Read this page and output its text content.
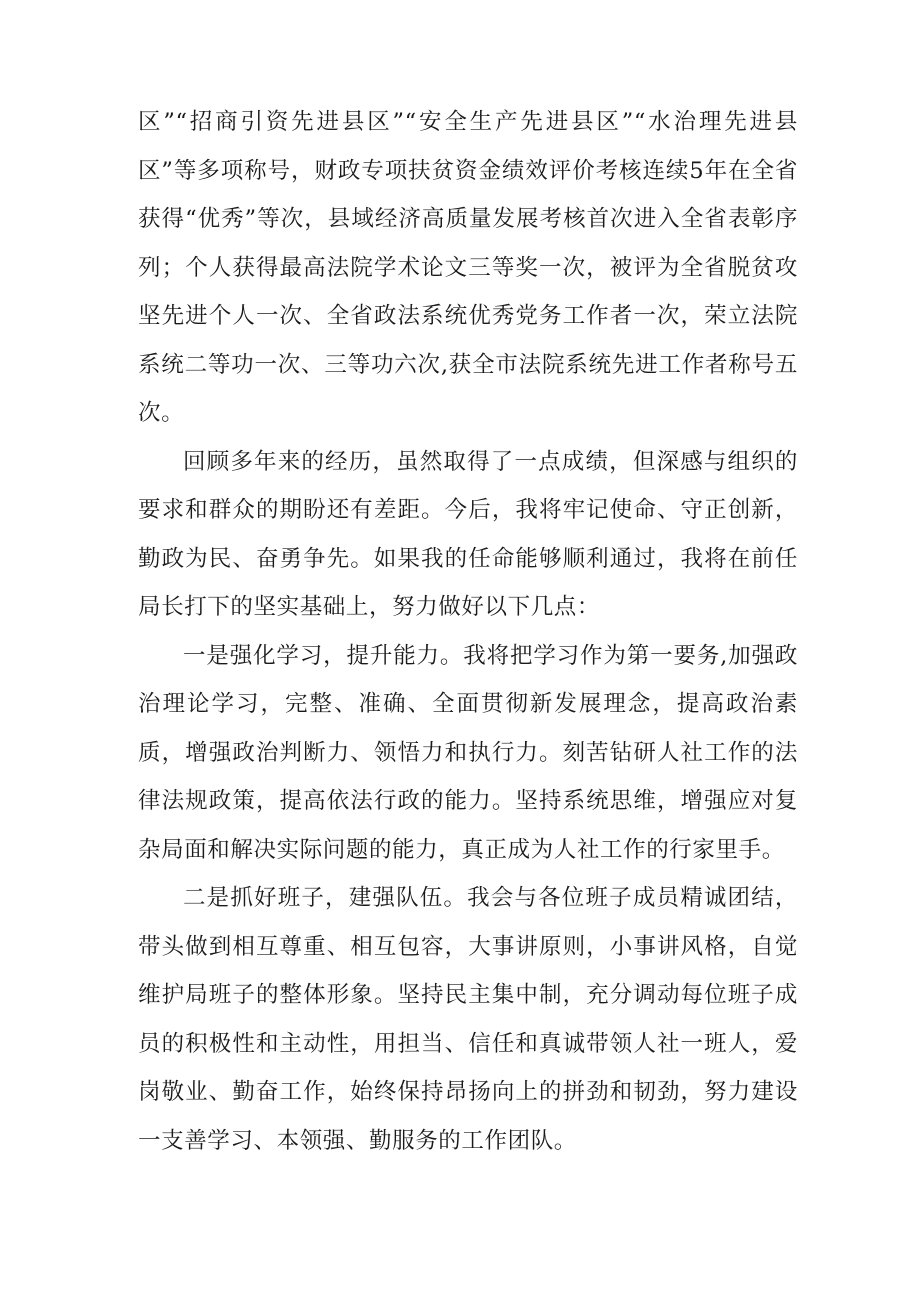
区”“招商引资先进县区”“安全生产先进县区”“水治理先进县区”等多项称号，财政专项扶贫资金绩效评价考核连续5年在全省获得“优秀”等次，县域经济高质量发展考核首次进入全省表彰序列；个人获得最高法院学术论文三等奖一次，被评为全省脱贫攻坚先进个人一次、全省政法系统优秀党务工作者一次，荣立法院系统二等功一次、三等功六次,获全市法院系统先进工作者称号五次。

回顾多年来的经历，虽然取得了一点成绩，但深感与组织的要求和群众的期盼还有差距。今后，我将牢记使命、守正创新，勤政为民、奋勇争先。如果我的任命能够顺利通过，我将在前任局长打下的坚实基础上，努力做好以下几点：

一是强化学习，提升能力。我将把学习作为第一要务,加强政治理论学习，完整、准确、全面贯彻新发展理念，提高政治素质，增强政治判断力、领悟力和执行力。刻苦钻研人社工作的法律法规政策，提高依法行政的能力。坚持系统思维，增强应对复杂局面和解决实际问题的能力，真正成为人社工作的行家里手。

二是抓好班子，建强队伍。我会与各位班子成员精诚团结，带头做到相互尊重、相互包容，大事讲原则，小事讲风格，自觉维护局班子的整体形象。坚持民主集中制，充分调动每位班子成员的积极性和主动性，用担当、信任和真诚带领人社一班人，爱岗敬业、勤奋工作，始终保持昂扬向上的拼劲和韧劲，努力建设一支善学习、本领强、勤服务的工作团队。
